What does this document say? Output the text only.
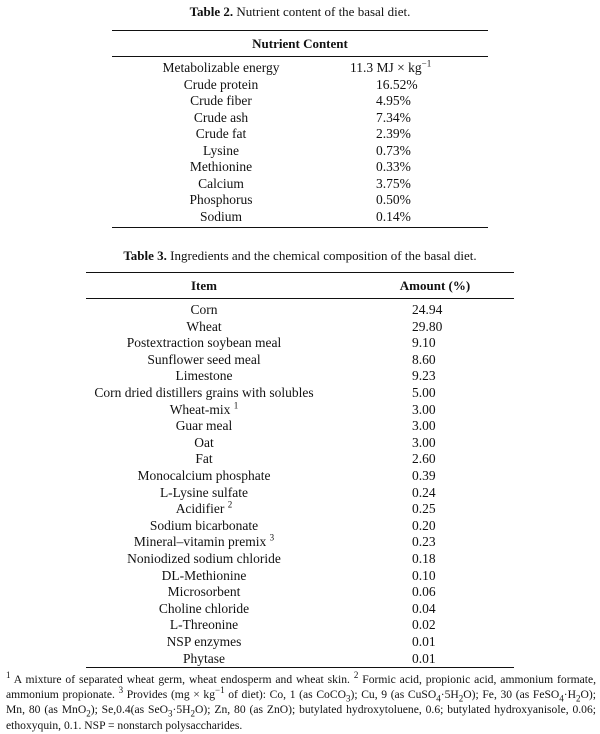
Table 2. Nutrient content of the basal diet.
Nutrient Content
Metabolizable energy	11.3 MJ × $kg^{-1}$
Crude protein	16.52%
Crude fiber	4.95%
Crude ash	7.34%
Crude fat	2.39%
Lysine	0.73%
Methionine	0.33%
Calcium	3.75%
Phosphorus	0.50%
Sodium	0.14%
Table 3. Ingredients and the chemical composition of the basal diet.
Item	Amount (%)
Corn	24.94
Wheat	29.80
Postextraction soybean meal	9.10
Sunflower seed meal	8.60
Limestone	9.23
Corn dried distillers grains with solubles	5.00
Wheat-mix $^1$	3.00
Guar meal	3.00
Oat	3.00
Fat	2.60
Monocalcium phosphate	0.39
L-Lysine sulfate	0.24
Acidifier $^2$	0.25
Sodium bicarbonate	0.20
Mineral–vitamin premix $^3$	0.23
Noniodized sodium chloride	0.18
DL-Methionine	0.10
Microsorbent	0.06
Choline chloride	0.04
L-Threonine	0.02
NSP enzymes	0.01
Phytase	0.01
$^1$ A mixture of separated wheat germ, wheat endosperm and wheat skin. $^2$ Formic acid, propionic acid, ammonium formate, ammonium propionate. $^3$ Provides ($mg \times kg^{-1}$ of diet): Co, 1 (as CoCO$_3$); Cu, 9 (as $CuSO_4\cdot 5H_2O$); Fe, 30 (as $FeSO_4\cdot H_2O$); Mn, 80 (as MnO$_2$); Se,0.4(as $SeO_3\cdot 5H_2O$); Zn, 80 (as ZnO); butylated hydroxytoluene, 0.6; butylated hydroxyanisole, 0.06; ethoxyquin, 0.1. NSP = nonstarch polysaccharides.
